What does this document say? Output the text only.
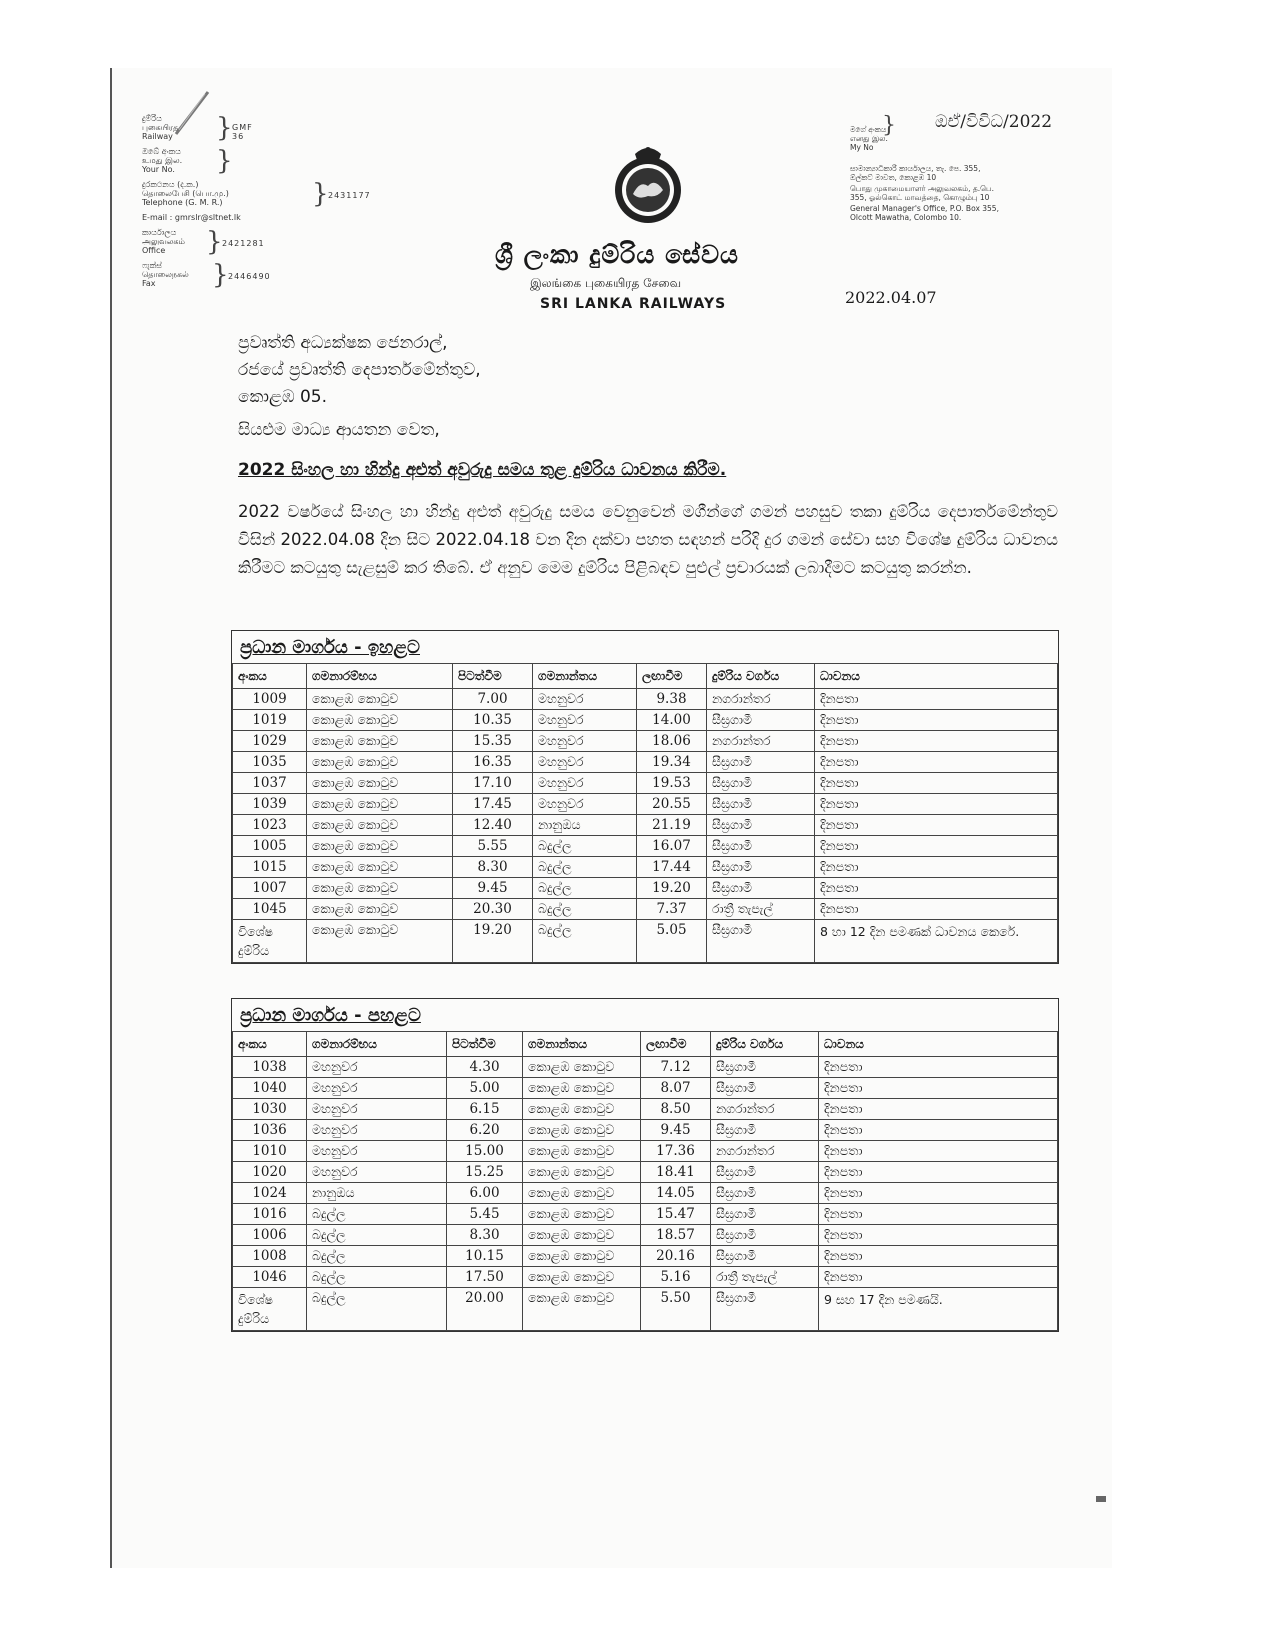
දුම්රිය
புகையிரத
Railway	} GMF 36
ඔබේ අංකය
உமது இல.
Your No.	}
දුරකථනය (ද.ක.)
தொலைபேசி (பொ.மு.)
Telephone (G. M. R.)	} 2431177
E-mail : gmrslr@sltnet.lk
කාර්යාලය
அலுவலகம்
Office	} 2421281
ෆැක්ස්
தொலைநகல்
Fax	} 2446490
ශ්‍රී ලංකා දුම්රිය සේවය
இலங்கை புகையிரத சேவை
SRI LANKA RAILWAYS
මගේ අංකය
எனது இல.
My No
}
සාමාන්‍යාධිකාරී කාර්යාලය, තැ. පෙ. 355, ඕල්කට් මාවත, කොළඹ 10
பொது முகாமையாளர் அலுவலகம், த.பெ. 355, ஓல்கொட் மாவத்தை, கொழும்பு 10
General Manager's Office, P.O. Box 355, Olcott Mawatha, Colombo 10.
ඔඒ/විවිධ/2022
2022.04.07
ප්‍රවෘත්ති අධ්‍යක්ෂක ජෙනරාල්,
රජයේ ප්‍රවෘත්ති දෙපාර්තමේන්තුව,
කොළඹ 05.
සියළුම මාධ්‍ය ආයතන වෙත,
2022 සිංහල හා හින්දු අළුත් අවුරුදු සමය තුළ දුම්රිය ධාවනය කිරීම.
2022 වර්ෂයේ සිංහල හා හින්දු අළුත් අවුරුදු සමය වෙනුවෙන් මගීන්ගේ ගමන් පහසුව තකා දුම්රිය දෙපාර්තමේන්තුව විසින් 2022.04.08 දින සිට 2022.04.18 වන දින දක්වා පහත සඳහන් පරිදි දුර ගමන් සේවා සහ විශේෂ දුම්රිය ධාවනය කිරීමට කටයුතු සැළසුම් කර තිබේ. ඒ අනුව මෙම දුම්රිය පිළිබඳව පුළුල් ප්‍රචාරයක් ලබාදීමට කටයුතු කරන්න.
ප්‍රධාන මාර්ගය - ඉහළට
අංකය	ගමනාරම්භය	පිටත්වීම	ගමනාන්තය	ලඟාවීම	දුම්රිය වර්ගය	ධාවනය
1009	කොළඹ කොටුව	7.00	මහනුවර	9.38	නගරාන්තර	දිනපතා
1019	කොළඹ කොටුව	10.35	මහනුවර	14.00	සීඝ්‍රගාමී	දිනපතා
1029	කොළඹ කොටුව	15.35	මහනුවර	18.06	නගරාන්තර	දිනපතා
1035	කොළඹ කොටුව	16.35	මහනුවර	19.34	සීඝ්‍රගාමී	දිනපතා
1037	කොළඹ කොටුව	17.10	මහනුවර	19.53	සීඝ්‍රගාමී	දිනපතා
1039	කොළඹ කොටුව	17.45	මහනුවර	20.55	සීඝ්‍රගාමී	දිනපතා
1023	කොළඹ කොටුව	12.40	නානුඔය	21.19	සීඝ්‍රගාමී	දිනපතා
1005	කොළඹ කොටුව	5.55	බදුල්ල	16.07	සීඝ්‍රගාමී	දිනපතා
1015	කොළඹ කොටුව	8.30	බදුල්ල	17.44	සීඝ්‍රගාමී	දිනපතා
1007	කොළඹ කොටුව	9.45	බදුල්ල	19.20	සීඝ්‍රගාමී	දිනපතා
1045	කොළඹ කොටුව	20.30	බදුල්ල	7.37	රාත්‍රී තැපැල්	දිනපතා
විශේෂ දුම්රිය	කොළඹ කොටුව	19.20	බදුල්ල	5.05	සීඝ්‍රගාමී	8 හා 12 දින පමණක් ධාවනය කෙරේ.
ප්‍රධාන මාර්ගය - පහළට
අංකය	ගමනාරම්භය	පිටත්වීම	ගමනාන්තය	ලඟාවීම	දුම්රිය වර්ගය	ධාවනය
1038	මහනුවර	4.30	කොළඹ කොටුව	7.12	සීඝ්‍රගාමී	දිනපතා
1040	මහනුවර	5.00	කොළඹ කොටුව	8.07	සීඝ්‍රගාමී	දිනපතා
1030	මහනුවර	6.15	කොළඹ කොටුව	8.50	නගරාන්තර	දිනපතා
1036	මහනුවර	6.20	කොළඹ කොටුව	9.45	සීඝ්‍රගාමී	දිනපතා
1010	මහනුවර	15.00	කොළඹ කොටුව	17.36	නගරාන්තර	දිනපතා
1020	මහනුවර	15.25	කොළඹ කොටුව	18.41	සීඝ්‍රගාමී	දිනපතා
1024	නානුඔය	6.00	කොළඹ කොටුව	14.05	සීඝ්‍රගාමී	දිනපතා
1016	බදුල්ල	5.45	කොළඹ කොටුව	15.47	සීඝ්‍රගාමී	දිනපතා
1006	බදුල්ල	8.30	කොළඹ කොටුව	18.57	සීඝ්‍රගාමී	දිනපතා
1008	බදුල්ල	10.15	කොළඹ කොටුව	20.16	සීඝ්‍රගාමී	දිනපතා
1046	බදුල්ල	17.50	කොළඹ කොටුව	5.16	රාත්‍රී තැපැල්	දිනපතා
විශේෂ දුම්රිය	බදුල්ල	20.00	කොළඹ කොටුව	5.50	සීඝ්‍රගාමී	9 සහ 17 දින පමණයි.
